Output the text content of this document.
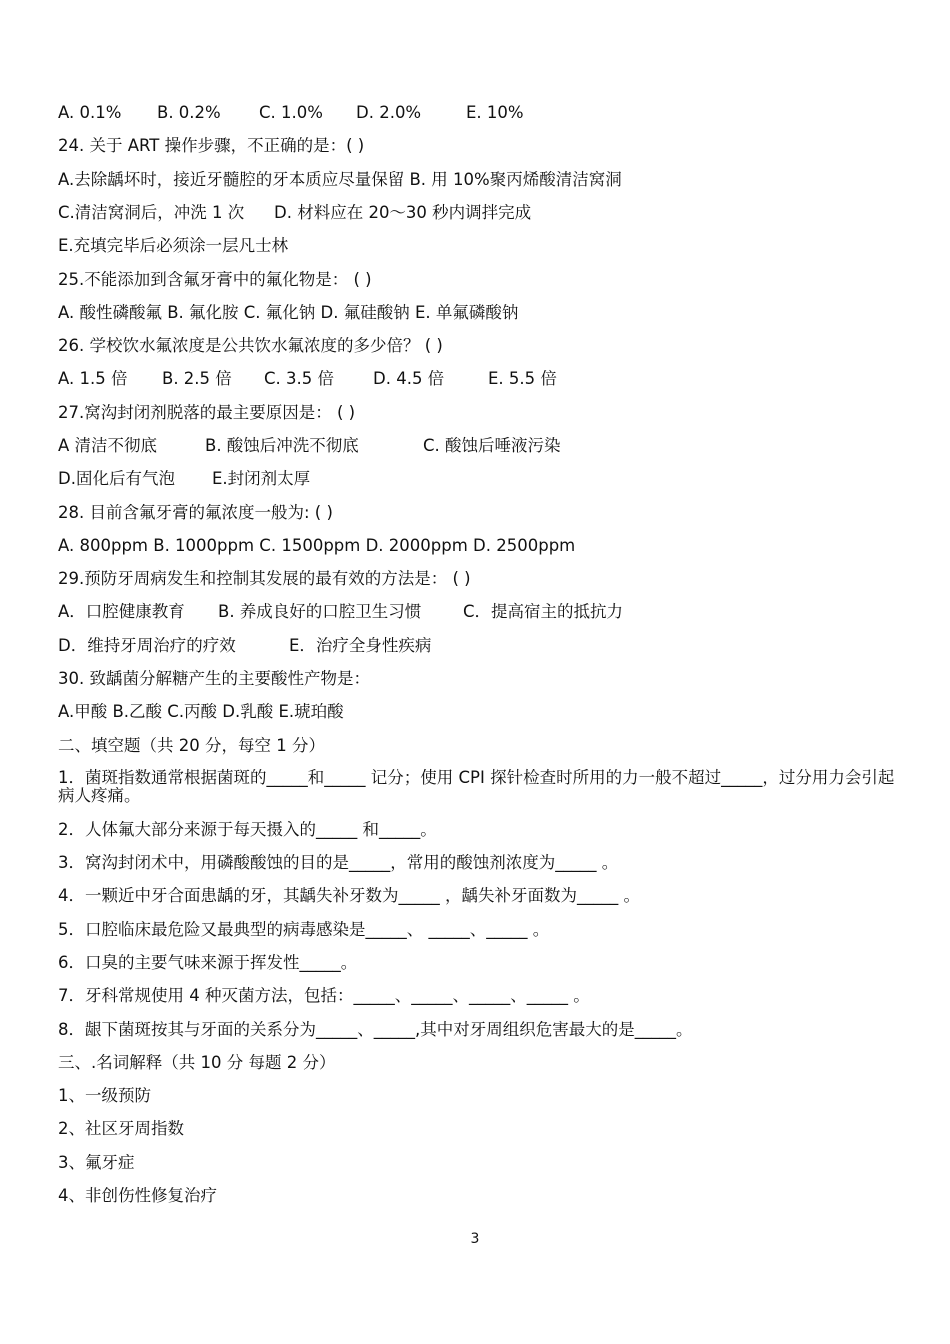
A. 0.1% B. 0.2% C. 1.0% D. 2.0%	E. 10%
24. 关于 ART 操作步骤，不正确的是：( )
A.去除龋坏时，接近牙髓腔的牙本质应尽量保留 B. 用 10%聚丙烯酸清洁窝洞
C.清洁窝洞后，冲洗 1 次 D. 材料应在 20～30 秒内调拌完成
E.充填完毕后必须涂一层凡士林
25.不能添加到含氟牙膏中的氟化物是： ( )
A. 酸性磷酸氟 B. 氟化胺 C. 氟化钠 D. 氟硅酸钠 E. 单氟磷酸钠
26. 学校饮水氟浓度是公共饮水氟浓度的多少倍？ ( )
A. 1.5 倍 B. 2.5 倍 C. 3.5 倍 D. 4.5 倍	E. 5.5 倍
27.窝沟封闭剂脱落的最主要原因是： ( )
A 清洁不彻底	B. 酸蚀后冲洗不彻底	C. 酸蚀后唾液污染
D.固化后有气泡 E.封闭剂太厚
28. 目前含氟牙膏的氟浓度一般为: ( )
A. 800ppm B. 1000ppm C. 1500ppm D. 2000ppm D. 2500ppm
29.预防牙周病发生和控制其发展的最有效的方法是： ( )
A．口腔健康教育 B. 养成良好的口腔卫生习惯	C．提高宿主的抵抗力
D．维持牙周治疗的疗效	E．治疗全身性疾病
30. 致龋菌分解糖产生的主要酸性产物是：
A.甲酸 B.乙酸 C.丙酸 D.乳酸 E.琥珀酸
二、填空题（共 20 分，每空 1 分）
1．菌斑指数通常根据菌斑的_____和_____ 记分；使用 CPI 探针检查时所用的力一般不超过_____，过分用力会引起病人疼痛。
2．人体氟大部分来源于每天摄入的_____ 和_____。
3．窝沟封闭术中，用磷酸酸蚀的目的是_____，常用的酸蚀剂浓度为_____ 。
4．一颗近中牙合面患龋的牙，其龋失补牙数为_____ ，龋失补牙面数为_____ 。
5．口腔临床最危险又最典型的病毒感染是_____、 _____、_____ 。
6．口臭的主要气味来源于挥发性_____。
7．牙科常规使用 4 种灭菌方法，包括：_____、_____、_____、_____ 。
8．龈下菌斑按其与牙面的关系分为_____、_____,其中对牙周组织危害最大的是_____。
三、.名词解释（共 10 分 每题 2 分）
1、一级预防
2、社区牙周指数
3、氟牙症
4、非创伤性修复治疗
3
